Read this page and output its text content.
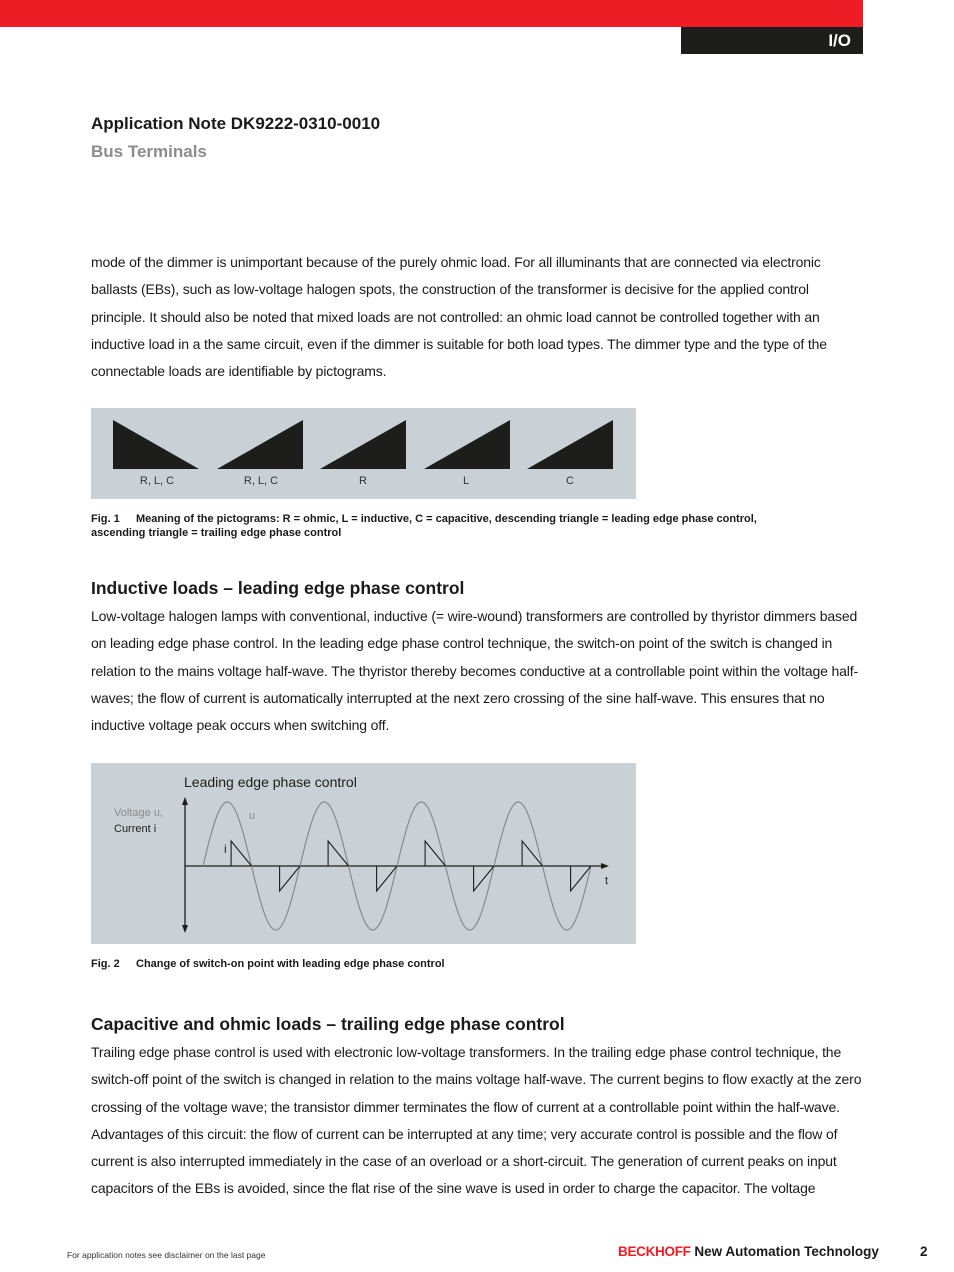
I/O
Application Note DK9222-0310-0010
Bus Terminals

mode of the dimmer is unimportant because of the purely ohmic load. For all illuminants that are connected via electronic ballasts (EBs), such as low-voltage halogen spots, the construction of the transformer is decisive for the applied control principle. It should also be noted that mixed loads are not controlled: an ohmic load cannot be controlled together with an inductive load in a the same circuit, even if the dimmer is suitable for both load types. The dimmer type and the type of the connectable loads are identifiable by pictograms.

R, L, C	R, L, C	R	L	C
Fig. 1 Meaning of the pictograms: R = ohmic, L = inductive, C = capacitive, descending triangle = leading edge phase control,
ascending triangle = trailing edge phase control
Inductive loads – leading edge phase control

Low-voltage halogen lamps with conventional, inductive (= wire-wound) transformers are controlled by thyristor dimmers based on leading edge phase control. In the leading edge phase control technique, the switch-on point of the switch is changed in relation to the mains voltage half-wave. The thyristor thereby becomes conductive at a controllable point within the voltage half-waves; the flow of current is automatically interrupted at the next zero crossing of the sine half-wave. This ensures that no inductive voltage peak occurs when switching off.

Leading edge phase control
Voltage u,
Current i
t
u
i
Fig. 2 Change of switch-on point with leading edge phase control
Capacitive and ohmic loads – trailing edge phase control

Trailing edge phase control is used with electronic low-voltage transformers. In the trailing edge phase control technique, the switch-off point of the switch is changed in relation to the mains voltage half-wave. The current begins to flow exactly at the zero crossing of the voltage wave; the transistor dimmer terminates the flow of current at a controllable point within the half-wave. Advantages of this circuit: the flow of current can be interrupted at any time; very accurate control is possible and the flow of current is also interrupted immediately in the case of an overload or a short-circuit. The generation of current peaks on input capacitors of the EBs is avoided, since the flat rise of the sine wave is used in order to charge the capacitor. The voltage

For application notes see disclaimer on the last page	BECKHOFF New Automation Technology	2
